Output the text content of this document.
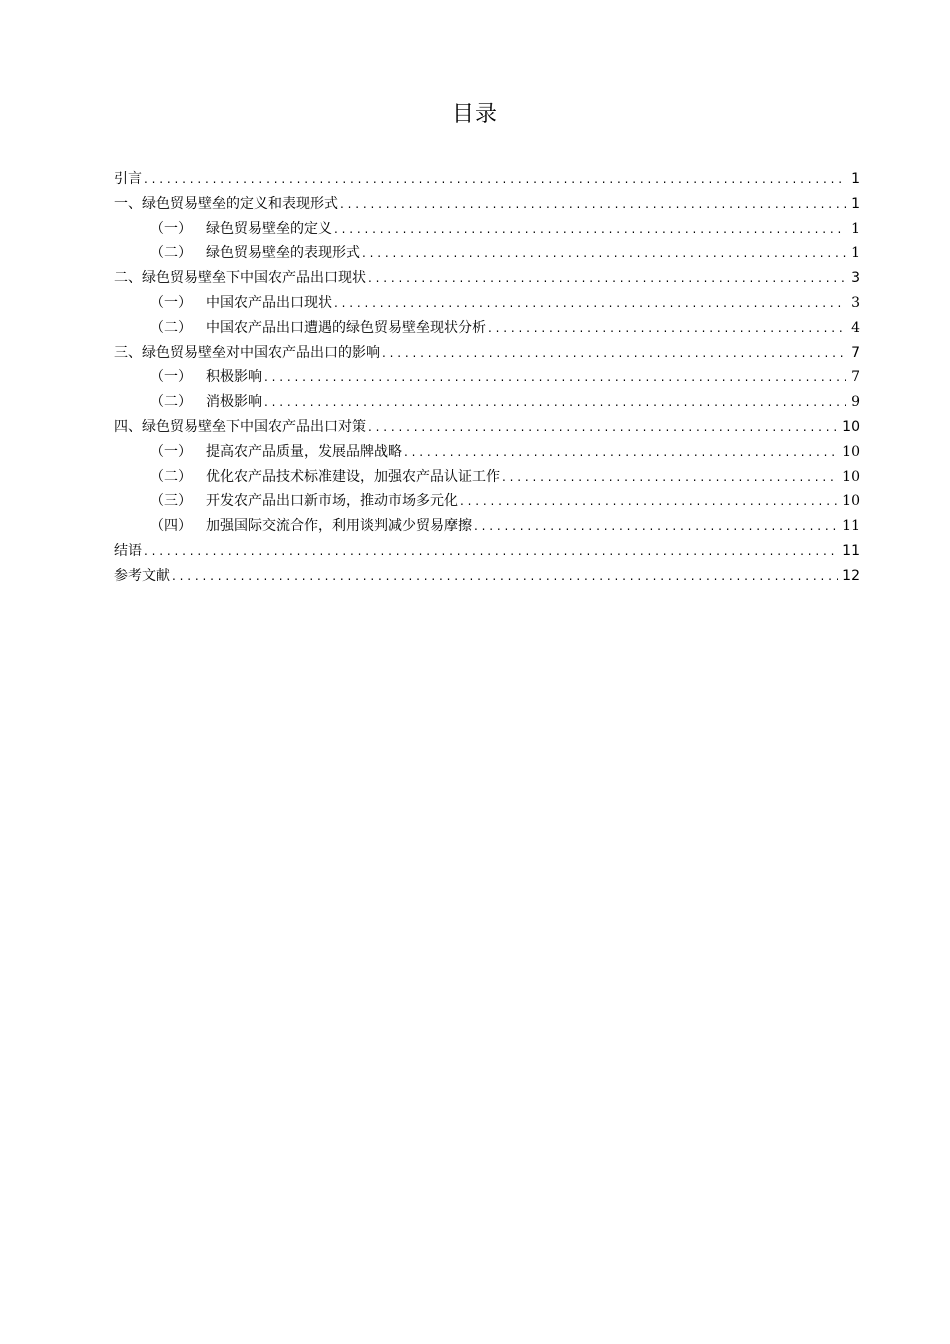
目录
引言 . . .	1
一、绿色贸易壁垒的定义和表现形式 . . .	1
（一）	绿色贸易壁垒的定义 . . .	1
（二）	绿色贸易壁垒的表现形式 . . .	1
二、绿色贸易壁垒下中国农产品出口现状 . . .	3
（一）	中国农产品出口现状 . . .	3
（二）	中国农产品出口遭遇的绿色贸易壁垒现状分析 . . .	4
三、绿色贸易壁垒对中国农产品出口的影响 . . .	7
（一）	积极影响 . . .	7
（二）	消极影响 . . .	9
四、绿色贸易壁垒下中国农产品出口对策 . . .	10
（一）	提高农产品质量，发展品牌战略 . . .	10
（二）	优化农产品技术标准建设，加强农产品认证工作 . . .	10
（三）	开发农产品出口新市场，推动市场多元化 . . .	10
（四）	加强国际交流合作，利用谈判减少贸易摩擦 . . .	11
结语 . . .	11
参考文献 . . .	12
